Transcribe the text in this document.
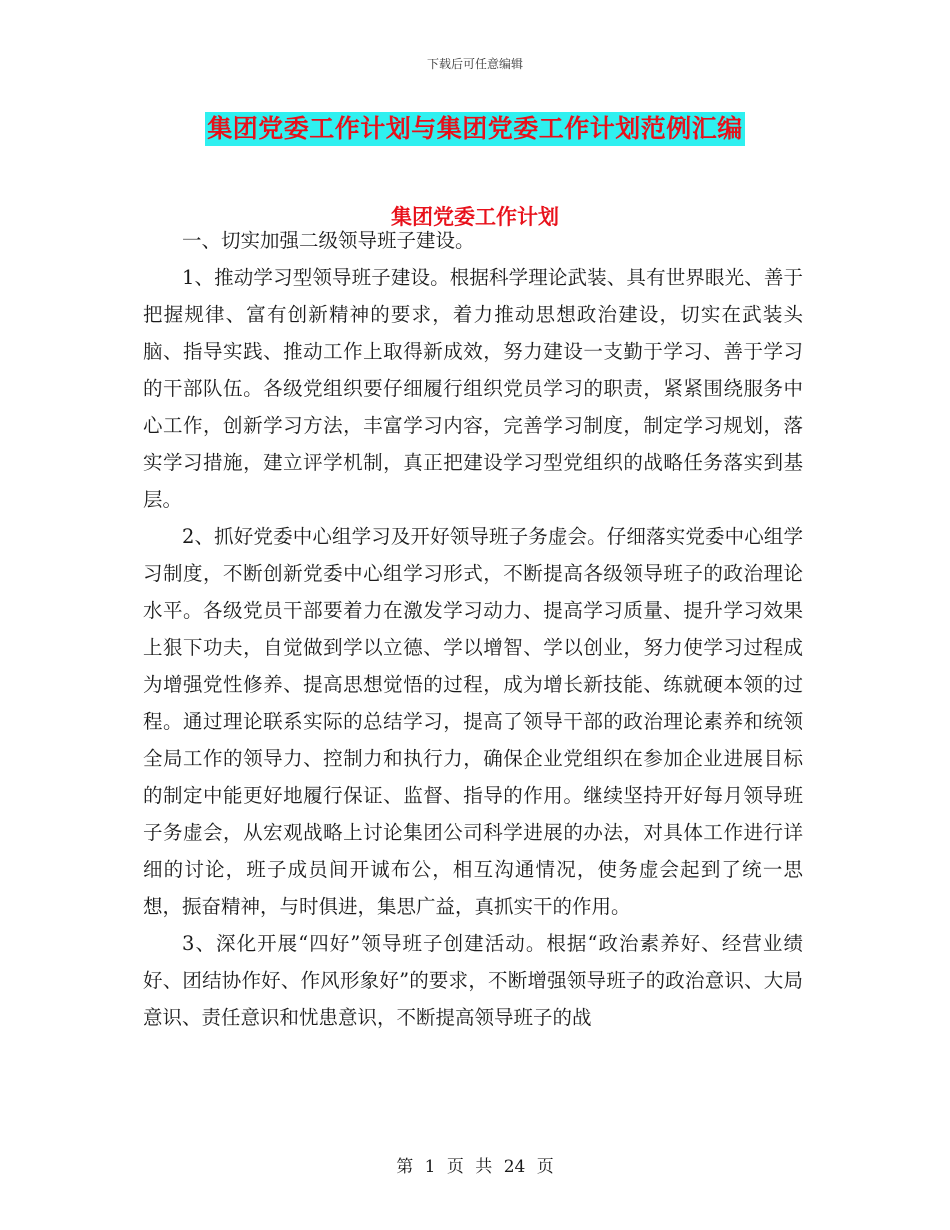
下载后可任意编辑
集团党委工作计划与集团党委工作计划范例汇编
集团党委工作计划

一、切实加强二级领导班子建设。

1、推动学习型领导班子建设。根据科学理论武装、具有世界眼光、善于把握规律、富有创新精神的要求，着力推动思想政治建设，切实在武装头脑、指导实践、推动工作上取得新成效，努力建设一支勤于学习、善于学习的干部队伍。各级党组织要仔细履行组织党员学习的职责，紧紧围绕服务中心工作，创新学习方法，丰富学习内容，完善学习制度，制定学习规划，落实学习措施，建立评学机制，真正把建设学习型党组织的战略任务落实到基层。

2、抓好党委中心组学习及开好领导班子务虚会。仔细落实党委中心组学习制度，不断创新党委中心组学习形式，不断提高各级领导班子的政治理论水平。各级党员干部要着力在激发学习动力、提高学习质量、提升学习效果上狠下功夫，自觉做到学以立德、学以增智、学以创业，努力使学习过程成为增强党性修养、提高思想觉悟的过程，成为增长新技能、练就硬本领的过程。通过理论联系实际的总结学习，提高了领导干部的政治理论素养和统领全局工作的领导力、控制力和执行力，确保企业党组织在参加企业进展目标的制定中能更好地履行保证、监督、指导的作用。继续坚持开好每月领导班子务虚会，从宏观战略上讨论集团公司科学进展的办法，对具体工作进行详细的讨论，班子成员间开诚布公，相互沟通情况，使务虚会起到了统一思想，振奋精神，与时俱进，集思广益，真抓实干的作用。

3、深化开展“四好”领导班子创建活动。根据“政治素养好、经营业绩好、团结协作好、作风形象好”的要求，不断增强领导班子的政治意识、大局意识、责任意识和忧患意识，不断提高领导班子的战

第 1 页 共 24 页
